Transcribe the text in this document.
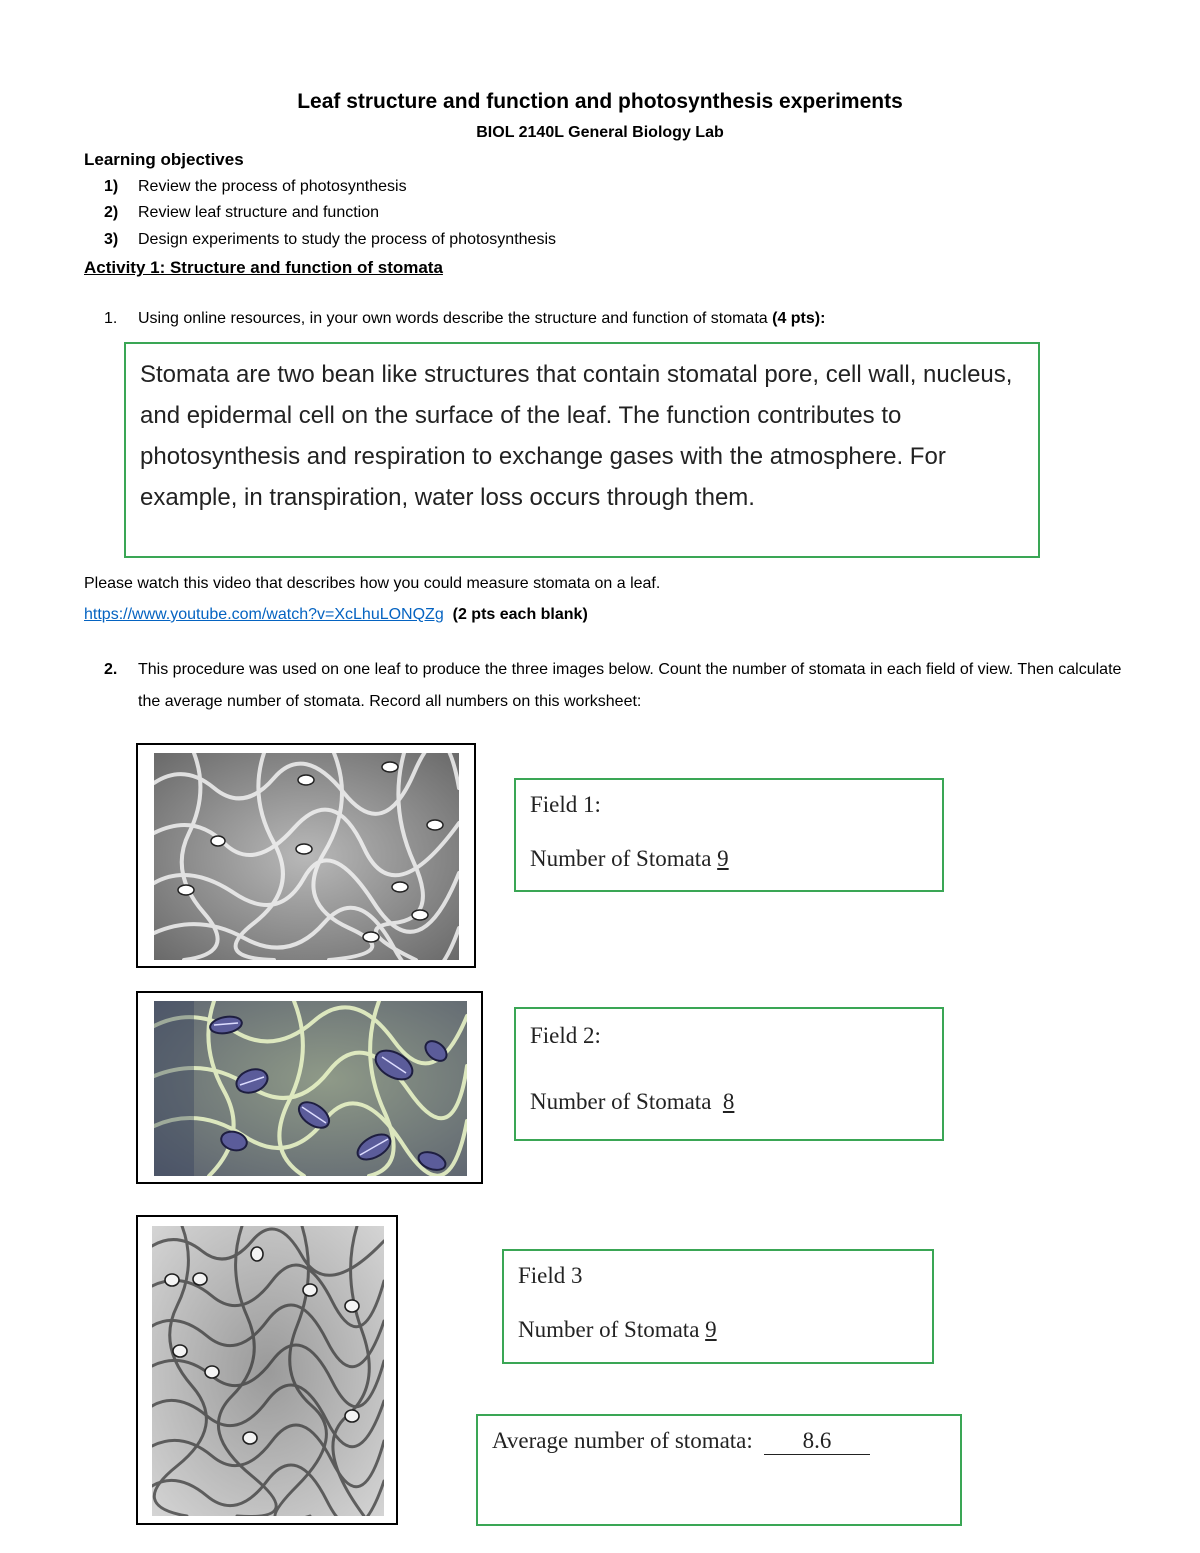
Leaf structure and function and photosynthesis experiments
BIOL 2140L General Biology Lab
Learning objectives
1) Review the process of photosynthesis
2) Review leaf structure and function
3) Design experiments to study the process of photosynthesis
Activity 1: Structure and function of stomata
1. Using online resources, in your own words describe the structure and function of stomata (4 pts):
Stomata are two bean like structures that contain stomatal pore, cell wall, nucleus, and epidermal cell on the surface of the leaf. The function contributes to photosynthesis and respiration to exchange gases with the atmosphere. For example, in transpiration, water loss occurs through them.
Please watch this video that describes how you could measure stomata on a leaf.
https://www.youtube.com/watch?v=XcLhuLONQZg (2 pts each blank)
2. This procedure was used on one leaf to produce the three images below. Count the number of stomata in each field of view. Then calculate the average number of stomata. Record all numbers on this worksheet:
Field 1:
Number of Stomata 9
Field 2:
Number of Stomata 8
Field 3
Number of Stomata 9
Average number of stomata:	8.6
